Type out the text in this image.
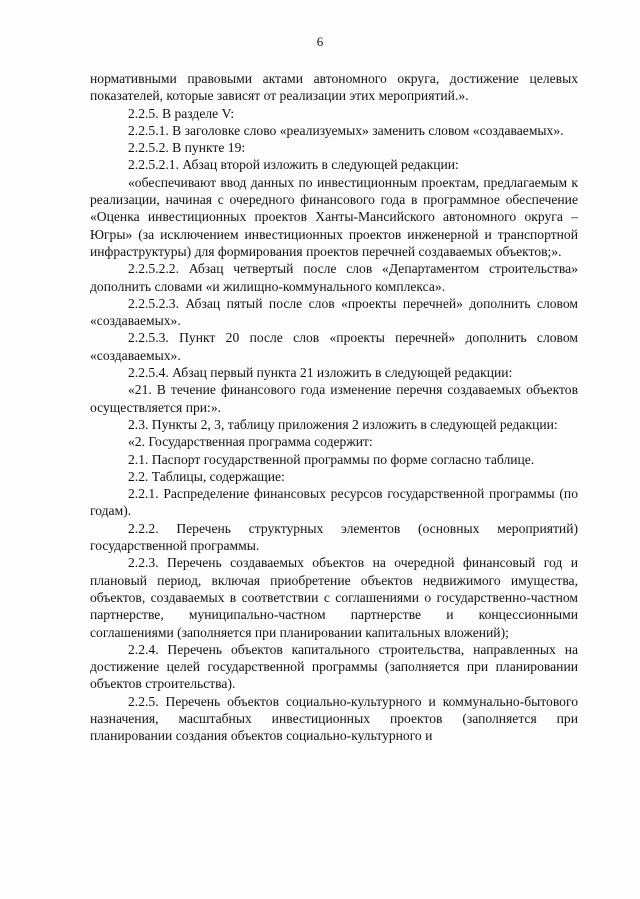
6

нормативными правовыми актами автономного округа, достижение целевых показателей, которые зависят от реализации этих мероприятий.».

2.2.5. В разделе V:

2.2.5.1. В заголовке слово «реализуемых» заменить словом «создаваемых».

2.2.5.2. В пункте 19:

2.2.5.2.1. Абзац второй изложить в следующей редакции:

«обеспечивают ввод данных по инвестиционным проектам, предлагаемым к реализации, начиная с очередного финансового года в программное обеспечение «Оценка инвестиционных проектов Ханты-Мансийского автономного округа – Югры» (за исключением инвестиционных проектов инженерной и транспортной инфраструктуры) для формирования проектов перечней создаваемых объектов;».

2.2.5.2.2. Абзац четвертый после слов «Департаментом строительства» дополнить словами «и жилищно-коммунального комплекса».

2.2.5.2.3. Абзац пятый после слов «проекты перечней» дополнить словом «создаваемых».

2.2.5.3. Пункт 20 после слов «проекты перечней» дополнить словом «создаваемых».

2.2.5.4. Абзац первый пункта 21 изложить в следующей редакции:

«21. В течение финансового года изменение перечня создаваемых объектов осуществляется при:».

2.3. Пункты 2, 3, таблицу приложения 2 изложить в следующей редакции:

«2. Государственная программа содержит:

2.1. Паспорт государственной программы по форме согласно таблице.

2.2. Таблицы, содержащие:

2.2.1. Распределение финансовых ресурсов государственной программы (по годам).

2.2.2. Перечень структурных элементов (основных мероприятий) государственной программы.

2.2.3. Перечень создаваемых объектов на очередной финансовый год и плановый период, включая приобретение объектов недвижимого имущества, объектов, создаваемых в соответствии с соглашениями о государственно-частном партнерстве, муниципально-частном партнерстве и концессионными соглашениями (заполняется при планировании капитальных вложений);

2.2.4. Перечень объектов капитального строительства, направленных на достижение целей государственной программы (заполняется при планировании объектов строительства).

2.2.5. Перечень объектов социально-культурного и коммунально-бытового назначения, масштабных инвестиционных проектов (заполняется при планировании создания объектов социально-культурного и
